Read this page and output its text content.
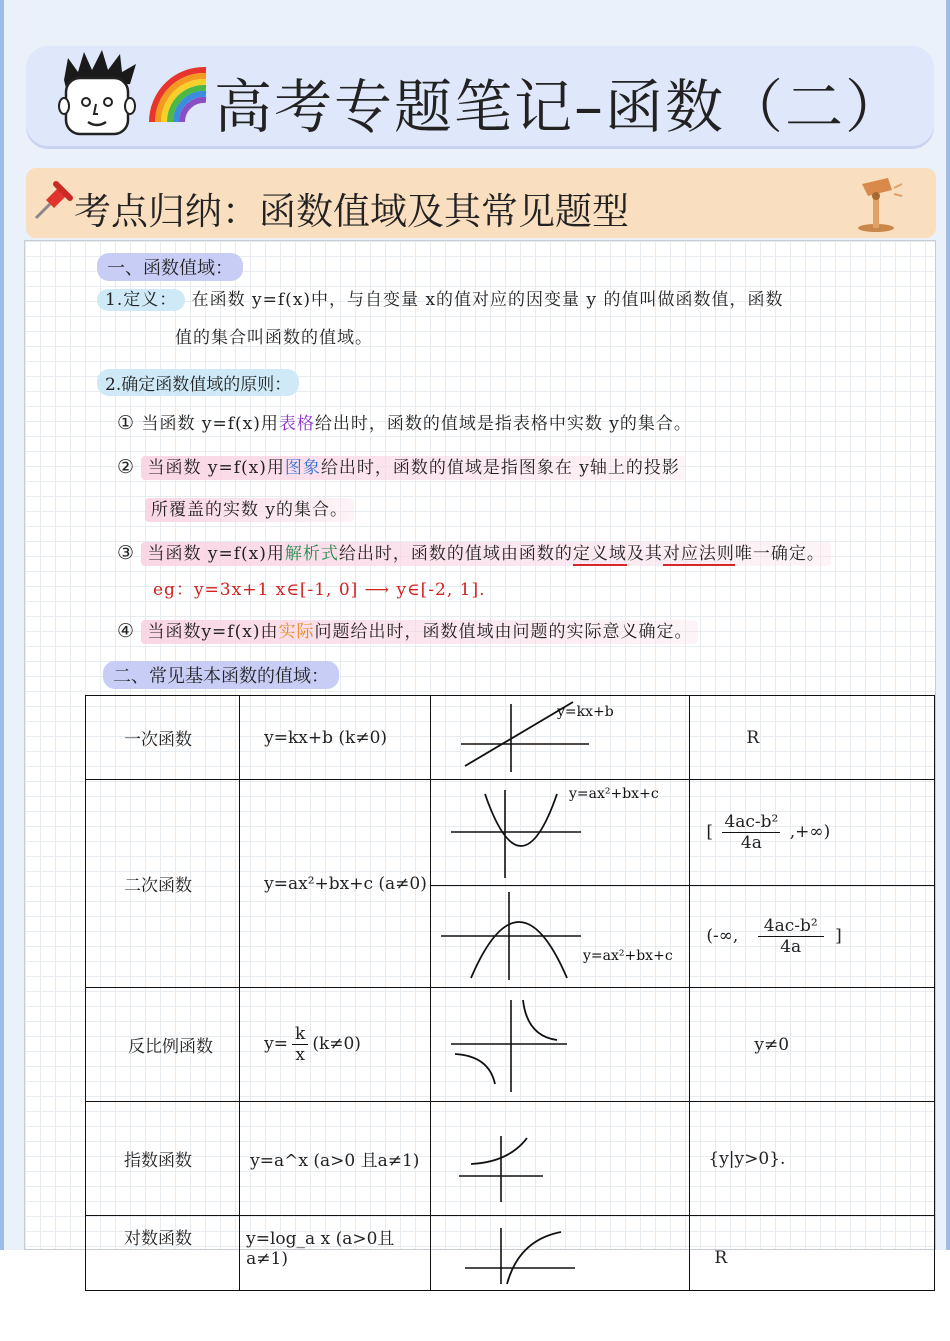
高考专题笔记–函数（二）
考点归纳：函数值域及其常见题型
一、函数值域：
1.定义： 在函数 y=f(x)中，与自变量 x的值对应的因变量 y 的值叫做函数值，函数
值的集合叫函数的值域。
2.确定函数值域的原则：
① 当函数 y=f(x)用表格给出时，函数的值域是指表格中实数 y的集合。
② 当函数 y=f(x)用图象给出时，函数的值域是指图象在 y轴上的投影
所覆盖的实数 y的集合。
③ 当函数 y=f(x)用解析式给出时，函数的值域由函数的定义域及其对应法则唯一确定。
eg：y=3x+1 x∈[-1, 0] ⟶ y∈[-2, 1].
④ 当函数y=f(x)由实际问题给出时，函数值域由问题的实际意义确定。
二、常见基本函数的值域：
一次函数	y=kx+b (k≠0)	y=kx+b	R
二次函数	y=ax²+bx+c (a≠0)	y=ax²+bx+c	[ $\frac{\text{4ac-b²}}{4a}$ ,+∞)

y=ax²+bx+c	(-∞, $\frac{\text{4ac-b²}}{4a}$ ]
反比例函数	$y= \frac{k}{x} (k\ne 0)$		y≠0
指数函数	y=a^x (a>0 且a≠1)		{y|y>0}.
对数函数	y=log_a x (a>0且a≠1)		R
